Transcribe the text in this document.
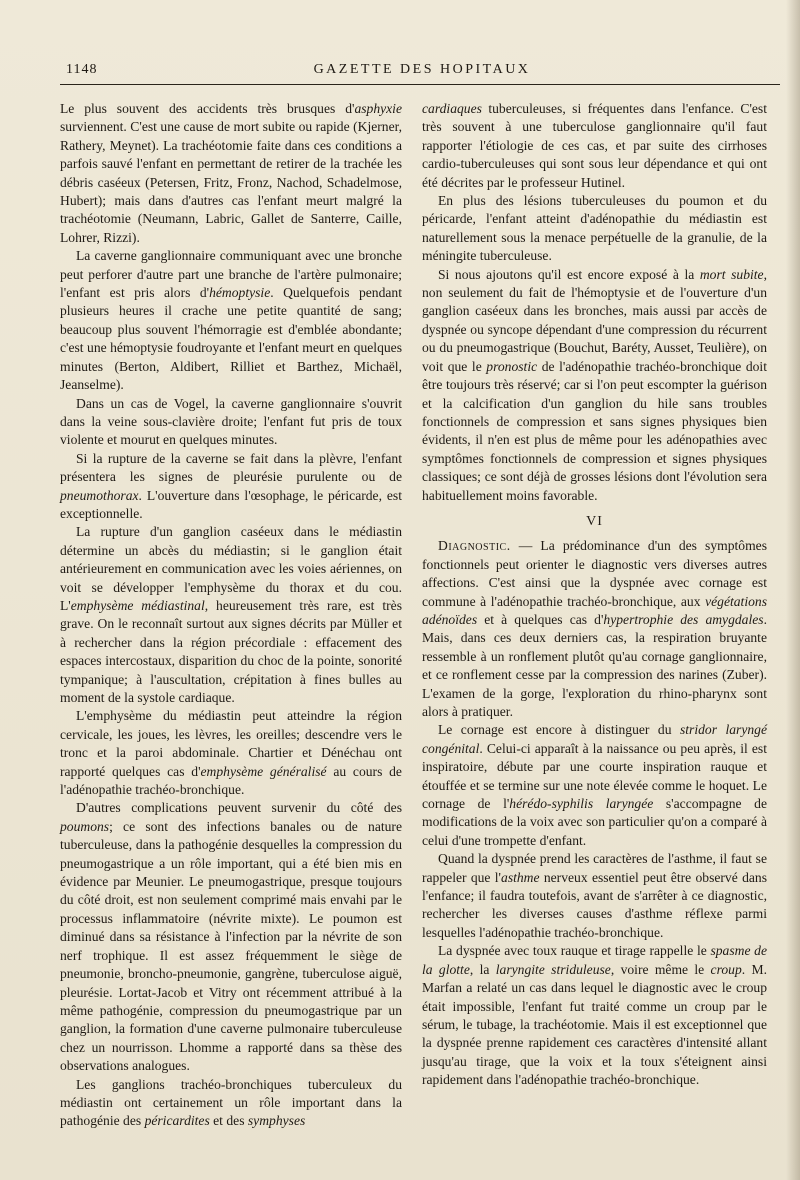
1148	GAZETTE DES HOPITAUX

Le plus souvent des accidents très brusques d'asphyxie surviennent. C'est une cause de mort subite ou rapide (Kjerner, Rathery, Meynet). La trachéotomie faite dans ces conditions a parfois sauvé l'enfant en permettant de retirer de la trachée les débris caséeux (Petersen, Fritz, Fronz, Nachod, Schadelmose, Hubert); mais dans d'autres cas l'enfant meurt malgré la trachéotomie (Neumann, Labric, Gallet de Santerre, Caille, Lohrer, Rizzi).

La caverne ganglionnaire communiquant avec une bronche peut perforer d'autre part une branche de l'artère pulmonaire; l'enfant est pris alors d'hémoptysie. Quelquefois pendant plusieurs heures il crache une petite quantité de sang; beaucoup plus souvent l'hémorragie est d'emblée abondante; c'est une hémoptysie foudroyante et l'enfant meurt en quelques minutes (Berton, Aldibert, Rilliet et Barthez, Michaël, Jeanselme).

Dans un cas de Vogel, la caverne ganglionnaire s'ouvrit dans la veine sous-clavière droite; l'enfant fut pris de toux violente et mourut en quelques minutes.

Si la rupture de la caverne se fait dans la plèvre, l'enfant présentera les signes de pleurésie purulente ou de pneumothorax. L'ouverture dans l'œsophage, le péricarde, est exceptionnelle.

La rupture d'un ganglion caséeux dans le médiastin détermine un abcès du médiastin; si le ganglion était antérieurement en communication avec les voies aériennes, on voit se développer l'emphysème du thorax et du cou. L'emphysème médiastinal, heureusement très rare, est très grave. On le reconnaît surtout aux signes décrits par Müller et à rechercher dans la région précordiale : effacement des espaces intercostaux, disparition du choc de la pointe, sonorité tympanique; à l'auscultation, crépitation à fines bulles au moment de la systole cardiaque.

L'emphysème du médiastin peut atteindre la région cervicale, les joues, les lèvres, les oreilles; descendre vers le tronc et la paroi abdominale. Chartier et Dénéchau ont rapporté quelques cas d'emphysème généralisé au cours de l'adénopathie trachéo-bronchique.

D'autres complications peuvent survenir du côté des poumons; ce sont des infections banales ou de nature tuberculeuse, dans la pathogénie desquelles la compression du pneumogastrique a un rôle important, qui a été bien mis en évidence par Meunier. Le pneumogastrique, presque toujours du côté droit, est non seulement comprimé mais envahi par le processus inflammatoire (névrite mixte). Le poumon est diminué dans sa résistance à l'infection par la névrite de son nerf trophique. Il est assez fréquemment le siège de pneumonie, broncho-pneumonie, gangrène, tuberculose aiguë, pleurésie. Lortat-Jacob et Vitry ont récemment attribué à la même pathogénie, compression du pneumogastrique par un ganglion, la formation d'une caverne pulmonaire tuberculeuse chez un nourrisson. Lhomme a rapporté dans sa thèse des observations analogues.

Les ganglions trachéo-bronchiques tuberculeux du médiastin ont certainement un rôle important dans la pathogénie des péricardites et des symphyses

cardiaques tuberculeuses, si fréquentes dans l'enfance. C'est très souvent à une tuberculose ganglionnaire qu'il faut rapporter l'étiologie de ces cas, et par suite des cirrhoses cardio-tuberculeuses qui sont sous leur dépendance et qui ont été décrites par le professeur Hutinel.

En plus des lésions tuberculeuses du poumon et du péricarde, l'enfant atteint d'adénopathie du médiastin est naturellement sous la menace perpétuelle de la granulie, de la méningite tuberculeuse.

Si nous ajoutons qu'il est encore exposé à la mort subite, non seulement du fait de l'hémoptysie et de l'ouverture d'un ganglion caséeux dans les bronches, mais aussi par accès de dyspnée ou syncope dépendant d'une compression du récurrent ou du pneumogastrique (Bouchut, Baréty, Ausset, Teulière), on voit que le pronostic de l'adénopathie trachéo-bronchique doit être toujours très réservé; car si l'on peut escompter la guérison et la calcification d'un ganglion du hile sans troubles fonctionnels de compression et sans signes physiques bien évidents, il n'en est plus de même pour les adénopathies avec symptômes fonctionnels de compression et signes physiques classiques; ce sont déjà de grosses lésions dont l'évolution sera habituellement moins favorable.

VI

Diagnostic. — La prédominance d'un des symptômes fonctionnels peut orienter le diagnostic vers diverses autres affections. C'est ainsi que la dyspnée avec cornage est commune à l'adénopathie trachéo-bronchique, aux végétations adénoïdes et à quelques cas d'hypertrophie des amygdales. Mais, dans ces deux derniers cas, la respiration bruyante ressemble à un ronflement plutôt qu'au cornage ganglionnaire, et ce ronflement cesse par la compression des narines (Zuber). L'examen de la gorge, l'exploration du rhino-pharynx sont alors à pratiquer.

Le cornage est encore à distinguer du stridor laryngé congénital. Celui-ci apparaît à la naissance ou peu après, il est inspiratoire, débute par une courte inspiration rauque et étouffée et se termine sur une note élevée comme le hoquet. Le cornage de l'hérédo-syphilis laryngée s'accompagne de modifications de la voix avec son particulier qu'on a comparé à celui d'une trompette d'enfant.

Quand la dyspnée prend les caractères de l'asthme, il faut se rappeler que l'asthme nerveux essentiel peut être observé dans l'enfance; il faudra toutefois, avant de s'arrêter à ce diagnostic, rechercher les diverses causes d'asthme réflexe parmi lesquelles l'adénopathie trachéo-bronchique.

La dyspnée avec toux rauque et tirage rappelle le spasme de la glotte, la laryngite striduleuse, voire même le croup. M. Marfan a relaté un cas dans lequel le diagnostic avec le croup était impossible, l'enfant fut traité comme un croup par le sérum, le tubage, la trachéotomie. Mais il est exceptionnel que la dyspnée prenne rapidement ces caractères d'intensité allant jusqu'au tirage, que la voix et la toux s'éteignent ainsi rapidement dans l'adénopathie trachéo-bronchique.
